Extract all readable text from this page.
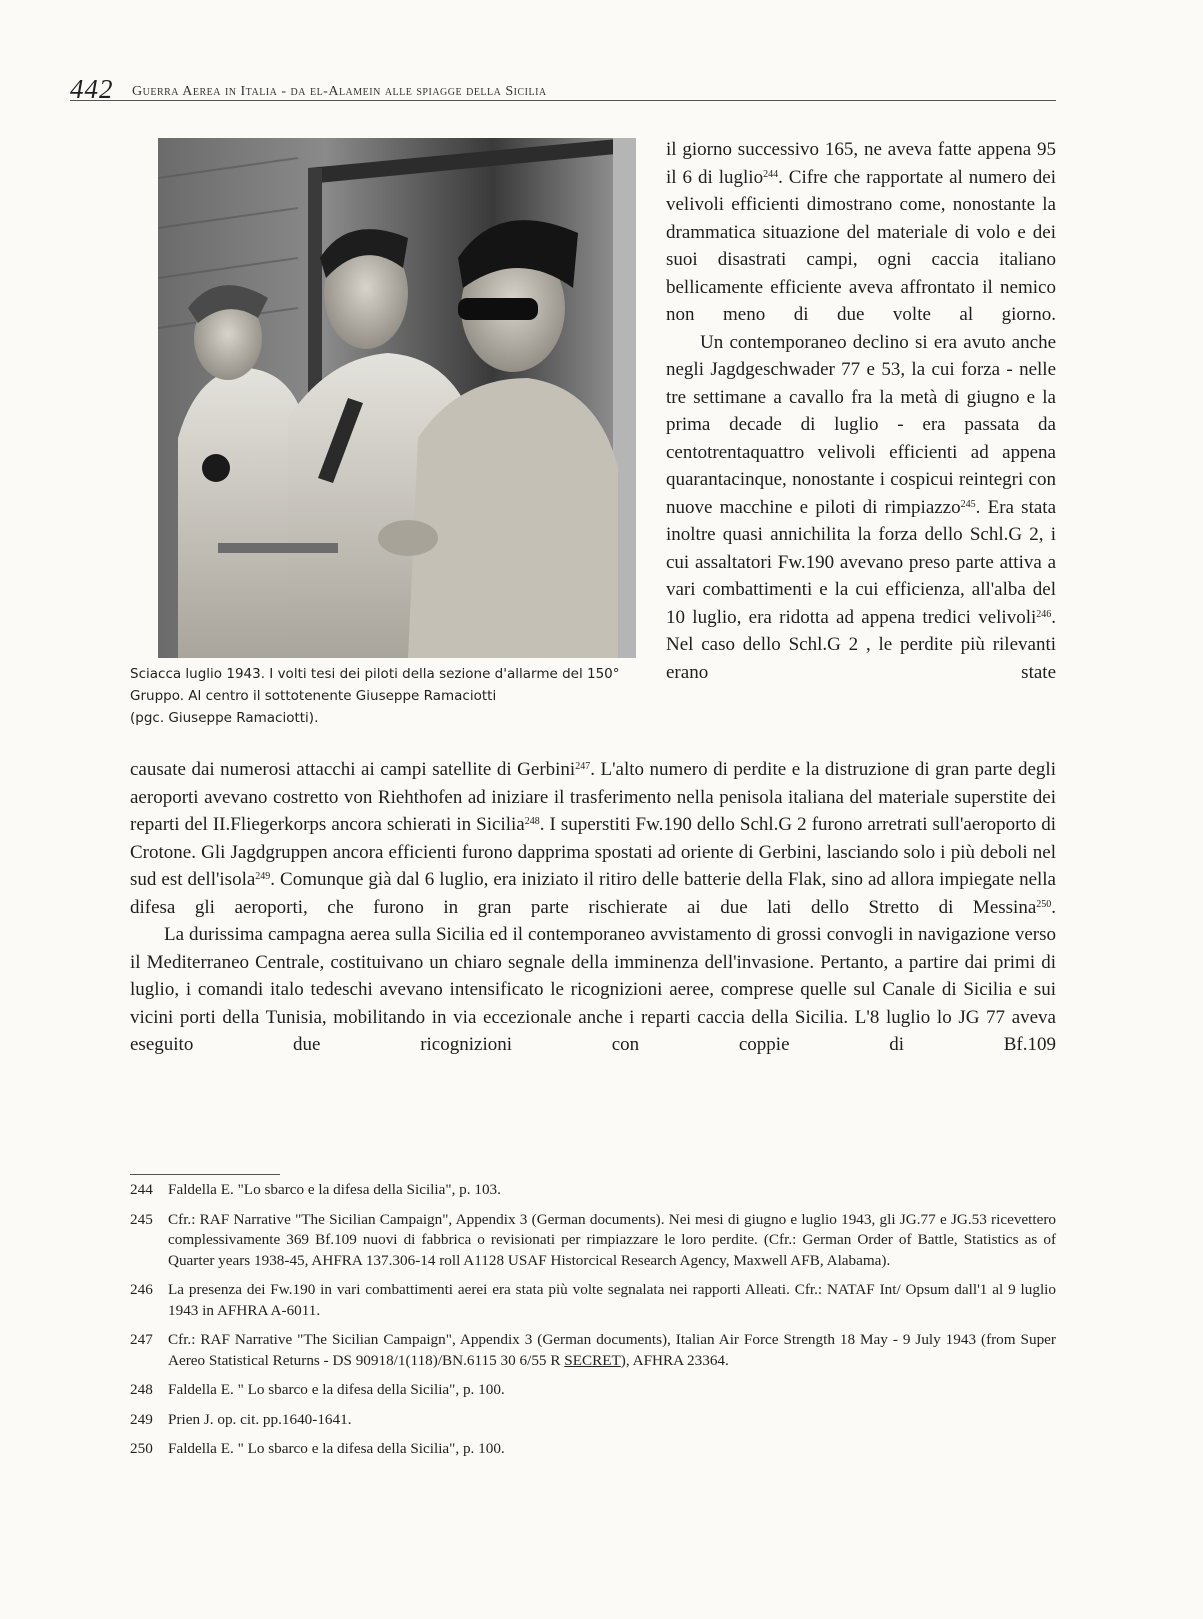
442 Guerra Aerea in Italia - da el-Alamein alle spiagge della Sicilia
Sciacca luglio 1943. I volti tesi dei piloti della sezione d'allarme del 150°
Gruppo. Al centro il sottotenente Giuseppe Ramaciotti
(pgc. Giuseppe Ramaciotti).

il giorno successivo 165, ne aveva fatte appena 95 il 6 di luglio$^{244}$. Cifre che rapportate al numero dei velivoli efficienti dimostrano come, nonostante la drammatica situazione del materiale di volo e dei suoi disastrati campi, ogni caccia italiano bellicamente efficiente aveva affrontato il nemico non meno di due volte al giorno.

Un contemporaneo declino si era avuto anche negli Jagdgeschwader 77 e 53, la cui forza - nelle tre settimane a cavallo fra la metà di giugno e la prima decade di luglio - era passata da centotrentaquattro velivoli efficienti ad appena quarantacinque, nonostante i cospicui reintegri con nuove macchine e piloti di rimpiazzo$^{245}$. Era stata inoltre quasi annichilita la forza dello Schl.G 2, i cui assaltatori Fw.190 avevano preso parte attiva a vari combattimenti e la cui efficienza, all'alba del 10 luglio, era ridotta ad appena tredici velivoli$^{246}$. Nel caso dello Schl.G 2 , le perdite più rilevanti erano state

causate dai numerosi attacchi ai campi satellite di Gerbini$^{247}$. L'alto numero di perdite e la distruzione di gran parte degli aeroporti avevano costretto von Riehthofen ad iniziare il trasferimento nella penisola italiana del materiale superstite dei reparti del II.Fliegerkorps ancora schierati in Sicilia$^{248}$. I superstiti Fw.190 dello Schl.G 2 furono arretrati sull'aeroporto di Crotone. Gli Jagdgruppen ancora efficienti furono dapprima spostati ad oriente di Gerbini, lasciando solo i più deboli nel sud est dell'isola$^{249}$. Comunque già dal 6 luglio, era iniziato il ritiro delle batterie della Flak, sino ad allora impiegate nella difesa gli aeroporti, che furono in gran parte rischierate ai due lati dello Stretto di Messina$^{250}$.

La durissima campagna aerea sulla Sicilia ed il contemporaneo avvistamento di grossi convogli in navigazione verso il Mediterraneo Centrale, costituivano un chiaro segnale della imminenza dell'invasione. Pertanto, a partire dai primi di luglio, i comandi italo tedeschi avevano intensificato le ricognizioni aeree, comprese quelle sul Canale di Sicilia e sui vicini porti della Tunisia, mobilitando in via eccezionale anche i reparti caccia della Sicilia. L'8 luglio lo JG 77 aveva eseguito due ricognizioni con coppie di Bf.109

244	Faldella E. "Lo sbarco e la difesa della Sicilia", p. 103.
245	Cfr.: RAF Narrative "The Sicilian Campaign", Appendix 3 (German documents). Nei mesi di giugno e luglio 1943, gli JG.77 e JG.53 ricevettero complessivamente 369 Bf.109 nuovi di fabbrica o revisionati per rimpiazzare le loro perdite. (Cfr.: German Order of Battle, Statistics as of Quarter years 1938-45, AHFRA 137.306-14 roll A1128 USAF Historcical Research Agency, Maxwell AFB, Alabama).
246	La presenza dei Fw.190 in vari combattimenti aerei era stata più volte segnalata nei rapporti Alleati. Cfr.: NATAF Int/ Opsum dall'1 al 9 luglio 1943 in AFHRA A-6011.
247	Cfr.: RAF Narrative "The Sicilian Campaign", Appendix 3 (German documents), Italian Air Force Strength 18 May - 9 July 1943 (from Super Aereo Statistical Returns - DS 90918/1(118)/BN.6115 30 6/55 R SECRET), AFHRA 23364.
248	Faldella E. " Lo sbarco e la difesa della Sicilia", p. 100.
249	Prien J. op. cit. pp.1640-1641.
250	Faldella E. " Lo sbarco e la difesa della Sicilia", p. 100.
